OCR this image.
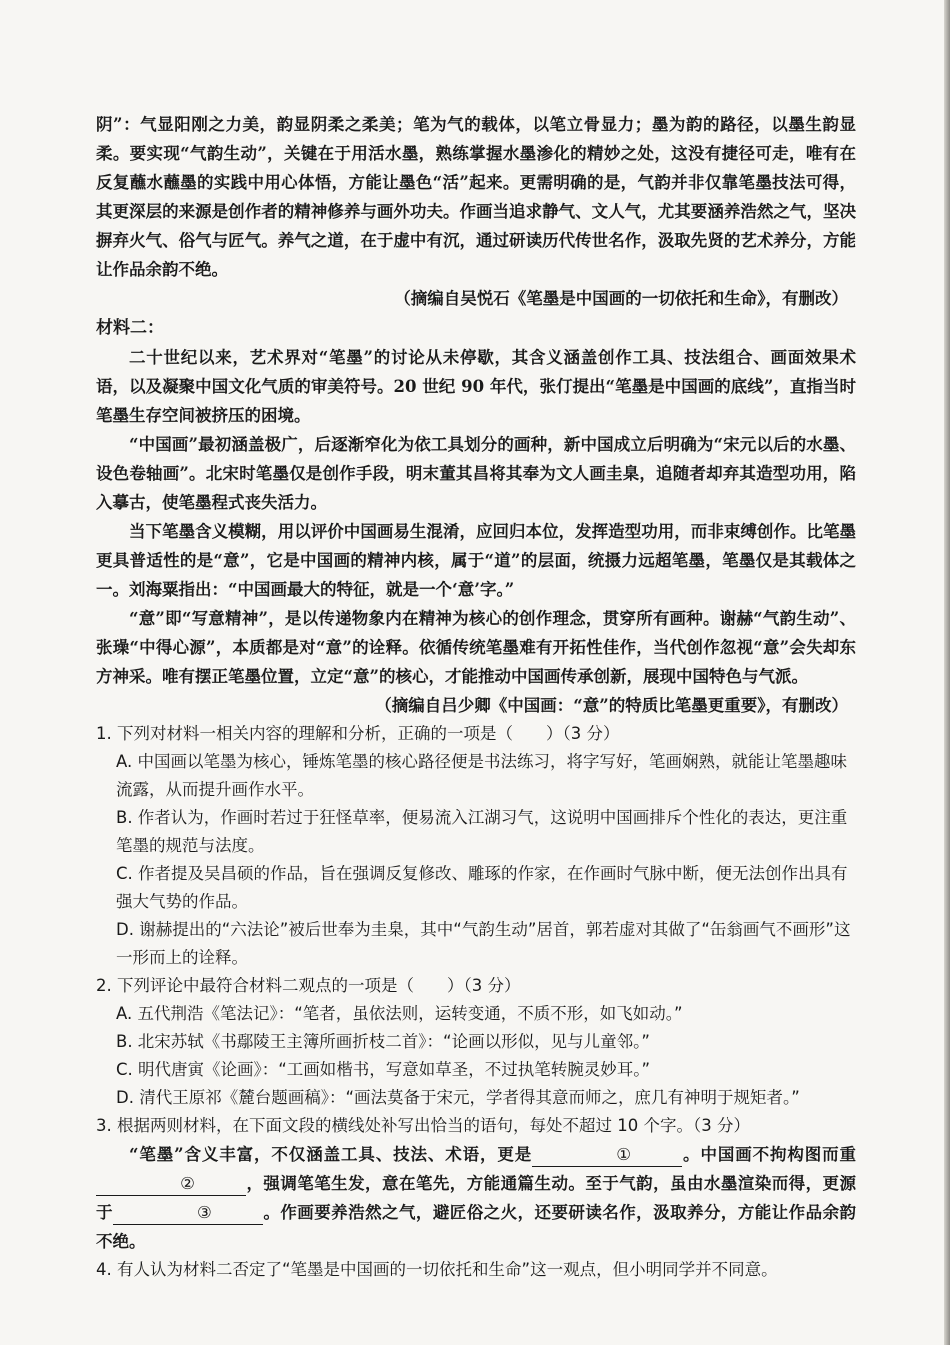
阴”：气显阳刚之力美，韵显阴柔之柔美；笔为气的载体，以笔立骨显力；墨为韵的路径，以墨生韵显柔。要实现“气韵生动”，关键在于用活水墨，熟练掌握水墨渗化的精妙之处，这没有捷径可走，唯有在反复蘸水蘸墨的实践中用心体悟，方能让墨色“活”起来。更需明确的是，气韵并非仅靠笔墨技法可得，其更深层的来源是创作者的精神修养与画外功夫。作画当追求静气、文人气，尤其要涵养浩然之气，坚决摒弃火气、俗气与匠气。养气之道，在于虚中有沉，通过研读历代传世名作，汲取先贤的艺术养分，方能让作品余韵不绝。

（摘编自吴悦石《笔墨是中国画的一切依托和生命》，有删改）

材料二：

二十世纪以来，艺术界对“笔墨”的讨论从未停歇，其含义涵盖创作工具、技法组合、画面效果术语，以及凝聚中国文化气质的审美符号。20 世纪 90 年代，张仃提出“笔墨是中国画的底线”，直指当时笔墨生存空间被挤压的困境。

“中国画”最初涵盖极广，后逐渐窄化为依工具划分的画种，新中国成立后明确为“宋元以后的水墨、设色卷轴画”。北宋时笔墨仅是创作手段，明末董其昌将其奉为文人画圭臬，追随者却弃其造型功用，陷入摹古，使笔墨程式丧失活力。

当下笔墨含义模糊，用以评价中国画易生混淆，应回归本位，发挥造型功用，而非束缚创作。比笔墨更具普适性的是“意”，它是中国画的精神内核，属于“道”的层面，统摄力远超笔墨，笔墨仅是其载体之一。刘海粟指出：“中国画最大的特征，就是一个‘意’字。”

“意”即“写意精神”，是以传递物象内在精神为核心的创作理念，贯穿所有画种。谢赫“气韵生动”、张璪“中得心源”，本质都是对“意”的诠释。依循传统笔墨难有开拓性佳作，当代创作忽视“意”会失却东方神采。唯有摆正笔墨位置，立定“意”的核心，才能推动中国画传承创新，展现中国特色与气派。

（摘编自吕少卿《中国画：“意”的特质比笔墨更重要》，有删改）

1. 下列对材料一相关内容的理解和分析，正确的一项是（　　）（3 分）

A. 中国画以笔墨为核心，锤炼笔墨的核心路径便是书法练习，将字写好，笔画娴熟，就能让笔墨趣味流露，从而提升画作水平。

B. 作者认为，作画时若过于狂怪草率，便易流入江湖习气，这说明中国画排斥个性化的表达，更注重笔墨的规范与法度。

C. 作者提及吴昌硕的作品，旨在强调反复修改、雕琢的作家，在作画时气脉中断，便无法创作出具有强大气势的作品。

D. 谢赫提出的“六法论”被后世奉为圭臬，其中“气韵生动”居首，郭若虚对其做了“缶翁画气不画形”这一形而上的诠释。

2. 下列评论中最符合材料二观点的一项是（　　）（3 分）

A. 五代荆浩《笔法记》：“笔者，虽依法则，运转变通，不质不形，如飞如动。”

B. 北宋苏轼《书鄢陵王主簿所画折枝二首》：“论画以形似，见与儿童邻。”

C. 明代唐寅《论画》：“工画如楷书，写意如草圣，不过执笔转腕灵妙耳。”

D. 清代王原祁《麓台题画稿》：“画法莫备于宋元，学者得其意而师之，庶几有神明于规矩者。”

3. 根据两则材料，在下面文段的横线处补写出恰当的语句，每处不超过 10 个字。（3 分）

“笔墨”含义丰富，不仅涵盖工具、技法、术语，更是	①	。中国画不拘构图而重②	，强调笔笔生发，意在笔先，方能通篇生动。至于气韵，虽由水墨渲染而得，更源于	③	。作画要养浩然之气，避匠俗之火，还要研读名作，汲取养分，方能让作品余韵不绝。

4. 有人认为材料二否定了“笔墨是中国画的一切依托和生命”这一观点，但小明同学并不同意。
